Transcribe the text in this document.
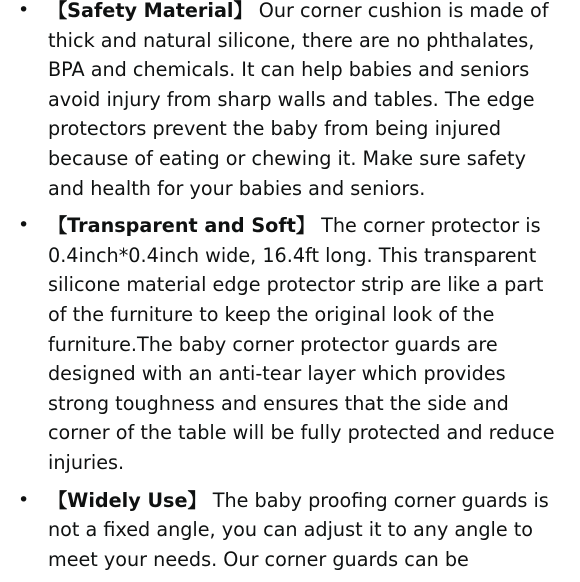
• 【Safety Material】 Our corner cushion is made of thick and natural silicone, there are no phthalates, BPA and chemicals. It can help babies and seniors avoid injury from sharp walls and tables. The edge protectors prevent the baby from being injured because of eating or chewing it. Make sure safety and health for your babies and seniors.
• 【Transparent and Soft】 The corner protector is 0.4inch*0.4inch wide, 16.4ft long. This transparent silicone material edge protector strip are like a part of the furniture to keep the original look of the furniture.The baby corner protector guards are designed with an anti-tear layer which provides strong toughness and ensures that the side and corner of the table will be fully protected and reduce injuries.
• 【Widely Use】 The baby proofing corner guards is not a fixed angle, you can adjust it to any angle to meet your needs. Our corner guards can be
